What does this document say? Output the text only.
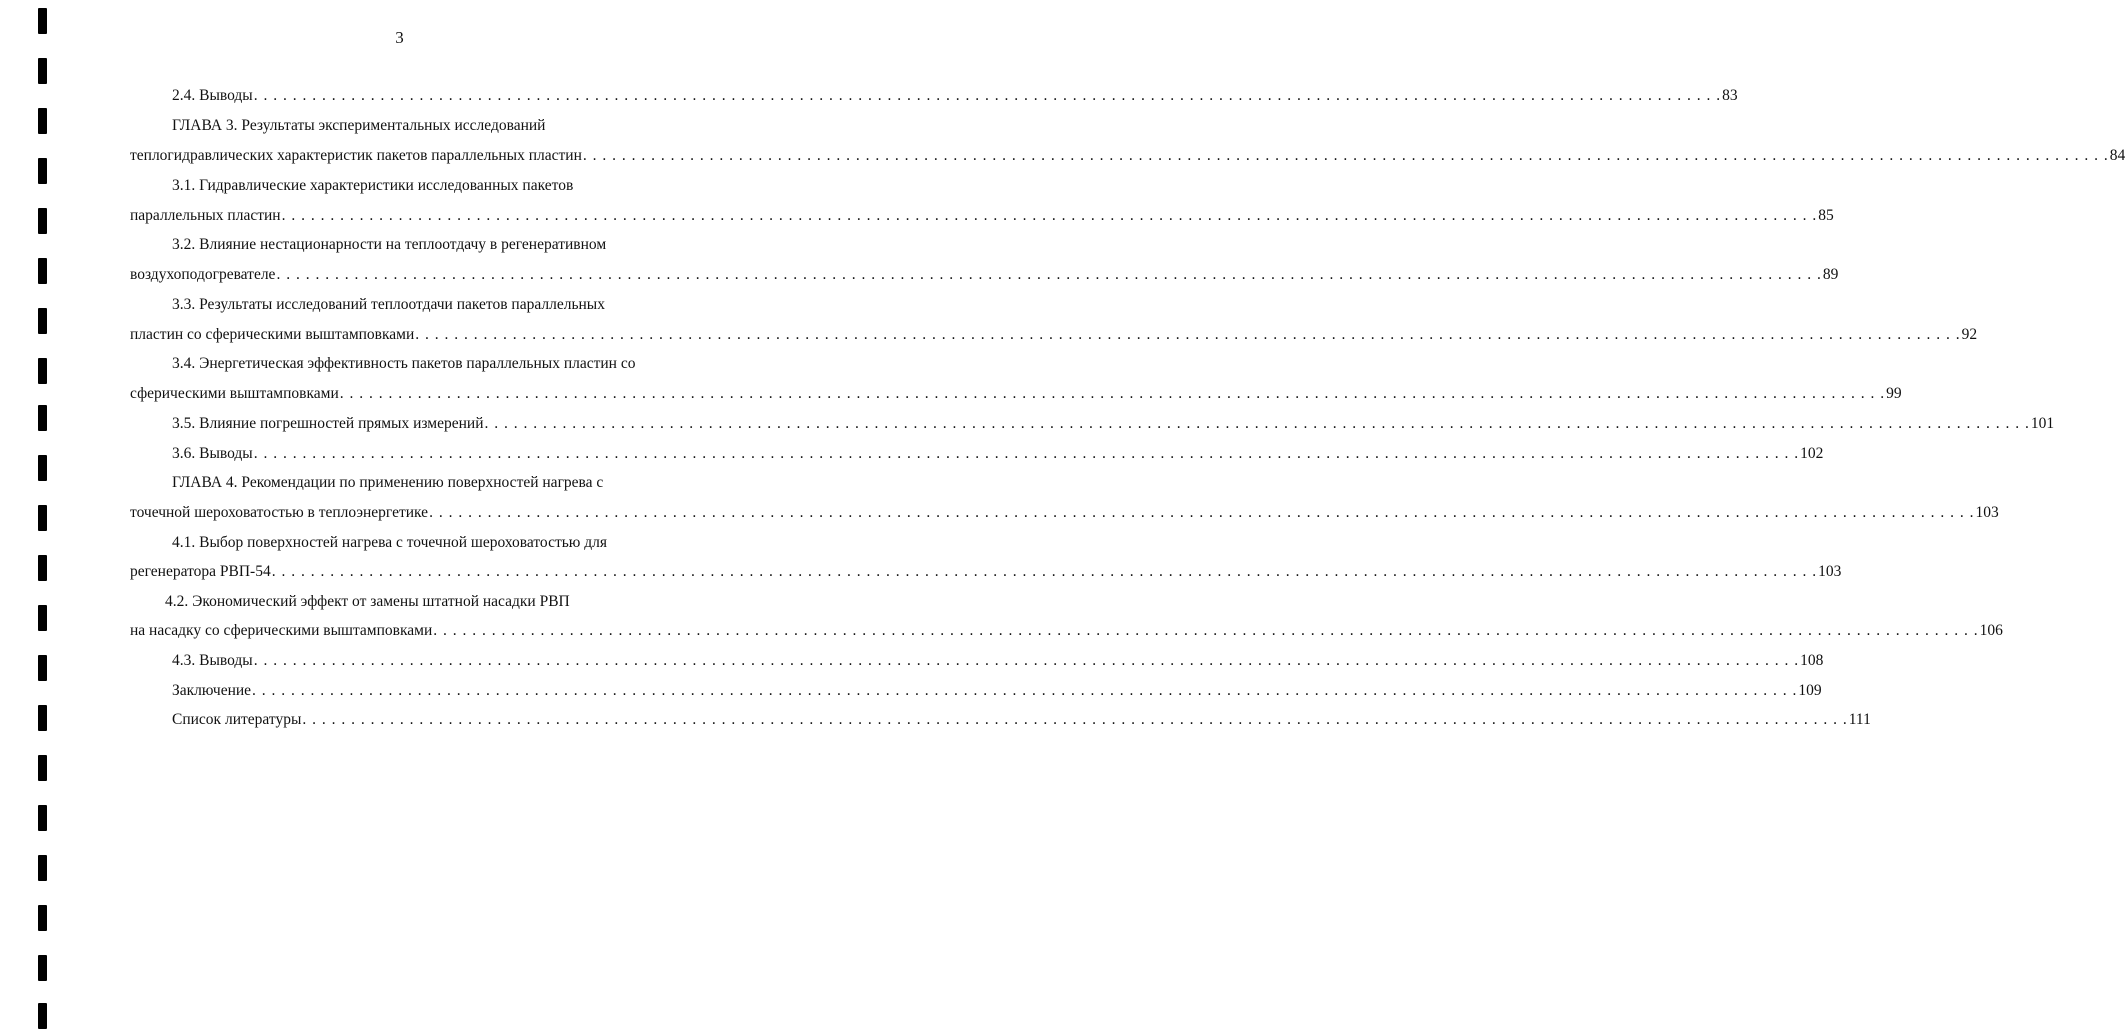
3
2.4. Выводы . . . . . . . . . . . . . . . . . . . . . . . . . . . . . . . . . . . . . . . . . . . . . . . . . . . . . . . . . . . . . . . . . . . . . . . . . . . . . . . . . . . . . . . . . . . . . . . . . . . . . . . . . . . . . . . . . . . . . . . . . . . . . . . . . . . . . . . . . . . . . . . . . . . . . . . 83
ГЛАВА 3. Результаты экспериментальных исследований
теплогидравлических характеристик пакетов параллельных пластин . . . . . . . . . . . . . . . . . . . . . . . . . . . . . . . . . . . . . . . . . . . . . . . . . . . . . . . . . . . . . . . . . . . . . . . . . . . . . . . . . . . . . . . . . . . . . . . . . . . . . . . . . . . . . . . . . . . . . . . . . . . . . . . . . . . . . . . . . . . . . . . . . . . . . . . . . . . . . 84
3.1. Гидравлические характеристики исследованных пакетов
параллельных пластин . . . . . . . . . . . . . . . . . . . . . . . . . . . . . . . . . . . . . . . . . . . . . . . . . . . . . . . . . . . . . . . . . . . . . . . . . . . . . . . . . . . . . . . . . . . . . . . . . . . . . . . . . . . . . . . . . . . . . . . . . . . . . . . . . . . . . . . . . . . . . . . . . . . . . . . . . . . . . . 85
3.2. Влияние нестационарности на теплоотдачу в регенеративном
воздухоподогревателе . . . . . . . . . . . . . . . . . . . . . . . . . . . . . . . . . . . . . . . . . . . . . . . . . . . . . . . . . . . . . . . . . . . . . . . . . . . . . . . . . . . . . . . . . . . . . . . . . . . . . . . . . . . . . . . . . . . . . . . . . . . . . . . . . . . . . . . . . . . . . . . . . . . . . . . . . . . . . . . 89
3.3. Результаты исследований теплоотдачи пакетов параллельных
пластин со сферическими выштамповками . . . . . . . . . . . . . . . . . . . . . . . . . . . . . . . . . . . . . . . . . . . . . . . . . . . . . . . . . . . . . . . . . . . . . . . . . . . . . . . . . . . . . . . . . . . . . . . . . . . . . . . . . . . . . . . . . . . . . . . . . . . . . . . . . . . . . . . . . . . . . . . . . . . . . . . . . . . . . . . 92
3.4. Энергетическая эффективность пакетов параллельных пластин со
сферическими выштамповками . . . . . . . . . . . . . . . . . . . . . . . . . . . . . . . . . . . . . . . . . . . . . . . . . . . . . . . . . . . . . . . . . . . . . . . . . . . . . . . . . . . . . . . . . . . . . . . . . . . . . . . . . . . . . . . . . . . . . . . . . . . . . . . . . . . . . . . . . . . . . . . . . . . . . . . . . . . . . . . 99
3.5. Влияние погрешностей прямых измерений . . . . . . . . . . . . . . . . . . . . . . . . . . . . . . . . . . . . . . . . . . . . . . . . . . . . . . . . . . . . . . . . . . . . . . . . . . . . . . . . . . . . . . . . . . . . . . . . . . . . . . . . . . . . . . . . . . . . . . . . . . . . . . . . . . . . . . . . . . . . . . . . . . . . . . . . . . . . . . . 101
3.6. Выводы . . . . . . . . . . . . . . . . . . . . . . . . . . . . . . . . . . . . . . . . . . . . . . . . . . . . . . . . . . . . . . . . . . . . . . . . . . . . . . . . . . . . . . . . . . . . . . . . . . . . . . . . . . . . . . . . . . . . . . . . . . . . . . . . . . . . . . . . . . . . . . . . . . . . . . . . . . . . . . . 102
ГЛАВА 4. Рекомендации по применению поверхностей нагрева с
точечной шероховатостью в теплоэнергетике . . . . . . . . . . . . . . . . . . . . . . . . . . . . . . . . . . . . . . . . . . . . . . . . . . . . . . . . . . . . . . . . . . . . . . . . . . . . . . . . . . . . . . . . . . . . . . . . . . . . . . . . . . . . . . . . . . . . . . . . . . . . . . . . . . . . . . . . . . . . . . . . . . . . . . . . . . . . . . . 103
4.1. Выбор поверхностей нагрева с точечной шероховатостью для
регенератора РВП-54 . . . . . . . . . . . . . . . . . . . . . . . . . . . . . . . . . . . . . . . . . . . . . . . . . . . . . . . . . . . . . . . . . . . . . . . . . . . . . . . . . . . . . . . . . . . . . . . . . . . . . . . . . . . . . . . . . . . . . . . . . . . . . . . . . . . . . . . . . . . . . . . . . . . . . . . . . . . . . . . 103
4.2. Экономический эффект от замены штатной насадки РВП
на насадку со сферическими выштамповками . . . . . . . . . . . . . . . . . . . . . . . . . . . . . . . . . . . . . . . . . . . . . . . . . . . . . . . . . . . . . . . . . . . . . . . . . . . . . . . . . . . . . . . . . . . . . . . . . . . . . . . . . . . . . . . . . . . . . . . . . . . . . . . . . . . . . . . . . . . . . . . . . . . . . . . . . . . . . . . 106
4.3. Выводы . . . . . . . . . . . . . . . . . . . . . . . . . . . . . . . . . . . . . . . . . . . . . . . . . . . . . . . . . . . . . . . . . . . . . . . . . . . . . . . . . . . . . . . . . . . . . . . . . . . . . . . . . . . . . . . . . . . . . . . . . . . . . . . . . . . . . . . . . . . . . . . . . . . . . . . . . . . . . . . 108
Заключение . . . . . . . . . . . . . . . . . . . . . . . . . . . . . . . . . . . . . . . . . . . . . . . . . . . . . . . . . . . . . . . . . . . . . . . . . . . . . . . . . . . . . . . . . . . . . . . . . . . . . . . . . . . . . . . . . . . . . . . . . . . . . . . . . . . . . . . . . . . . . . . . . . . . . . . . . . . . . . . 109
Список литературы . . . . . . . . . . . . . . . . . . . . . . . . . . . . . . . . . . . . . . . . . . . . . . . . . . . . . . . . . . . . . . . . . . . . . . . . . . . . . . . . . . . . . . . . . . . . . . . . . . . . . . . . . . . . . . . . . . . . . . . . . . . . . . . . . . . . . . . . . . . . . . . . . . . . . . . . . . . . . . . 111
